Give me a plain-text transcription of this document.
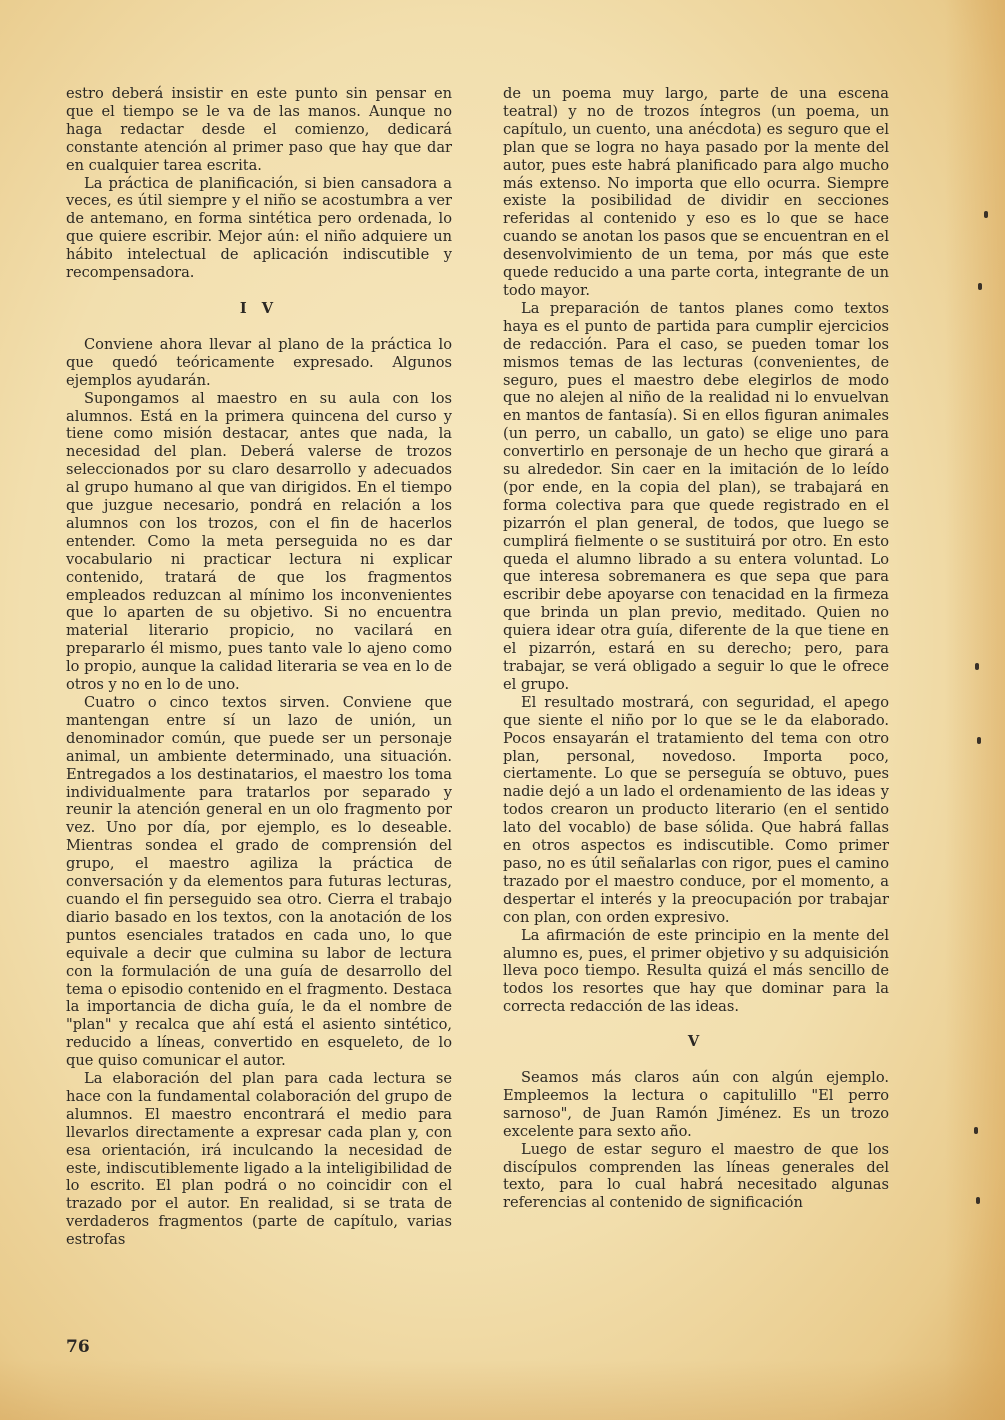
estro deberá insistir en este punto sin pensar en que el tiempo se le va de las manos. Aunque no haga redactar desde el comienzo, dedicará constante atención al primer paso que hay que dar en cualquier tarea escrita.

La práctica de planificación, si bien cansadora a veces, es útil siempre y el niño se acostumbra a ver de antemano, en forma sintética pero ordenada, lo que quiere escribir. Mejor aún: el niño adquiere un hábito intelectual de aplicación indiscutible y recompensadora.

I V

Conviene ahora llevar al plano de la práctica lo que quedó teóricamente expresado. Algunos ejemplos ayudarán.

Supongamos al maestro en su aula con los alumnos. Está en la primera quincena del curso y tiene como misión destacar, antes que nada, la necesidad del plan. Deberá valerse de trozos seleccionados por su claro desarrollo y adecuados al grupo humano al que van dirigidos. En el tiempo que juzgue necesario, pondrá en relación a los alumnos con los trozos, con el fin de hacerlos entender. Como la meta perseguida no es dar vocabulario ni practicar lectura ni explicar contenido, tratará de que los fragmentos empleados reduzcan al mínimo los inconvenientes que lo aparten de su objetivo. Si no encuentra material literario propicio, no vacilará en prepararlo él mismo, pues tanto vale lo ajeno como lo propio, aunque la calidad literaria se vea en lo de otros y no en lo de uno.

Cuatro o cinco textos sirven. Conviene que mantengan entre sí un lazo de unión, un denominador común, que puede ser un personaje animal, un ambiente determinado, una situación. Entregados a los destinatarios, el maestro los toma individualmente para tratarlos por separado y reunir la atención general en un olo fragmento por vez. Uno por día, por ejemplo, es lo deseable. Mientras sondea el grado de comprensión del grupo, el maestro agiliza la práctica de conversación y da elementos para futuras lecturas, cuando el fin perseguido sea otro. Cierra el trabajo diario basado en los textos, con la anotación de los puntos esenciales tratados en cada uno, lo que equivale a decir que culmina su labor de lectura con la formulación de una guía de desarrollo del tema o episodio contenido en el fragmento. Destaca la importancia de dicha guía, le da el nombre de "plan" y recalca que ahí está el asiento sintético, reducido a líneas, convertido en esqueleto, de lo que quiso comunicar el autor.

La elaboración del plan para cada lectura se hace con la fundamental colaboración del grupo de alumnos. El maestro encontrará el medio para llevarlos directamente a expresar cada plan y, con esa orientación, irá inculcando la necesidad de este, indiscutiblemente ligado a la inteligibilidad de lo escrito. El plan podrá o no coincidir con el trazado por el autor. En realidad, si se trata de verdaderos fragmentos (parte de capítulo, varias estrofas

de un poema muy largo, parte de una escena teatral) y no de trozos íntegros (un poema, un capítulo, un cuento, una anécdota) es seguro que el plan que se logra no haya pasado por la mente del autor, pues este habrá planificado para algo mucho más extenso. No importa que ello ocurra. Siempre existe la posibilidad de dividir en secciones referidas al contenido y eso es lo que se hace cuando se anotan los pasos que se encuentran en el desenvolvimiento de un tema, por más que este quede reducido a una parte corta, integrante de un todo mayor.

La preparación de tantos planes como textos haya es el punto de partida para cumplir ejercicios de redacción. Para el caso, se pueden tomar los mismos temas de las lecturas (convenientes, de seguro, pues el maestro debe elegirlos de modo que no alejen al niño de la realidad ni lo envuelvan en mantos de fantasía). Si en ellos figuran animales (un perro, un caballo, un gato) se elige uno para convertirlo en personaje de un hecho que girará a su alrededor. Sin caer en la imitación de lo leído (por ende, en la copia del plan), se trabajará en forma colectiva para que quede registrado en el pizarrón el plan general, de todos, que luego se cumplirá fielmente o se sustituirá por otro. En esto queda el alumno librado a su entera voluntad. Lo que interesa sobremanera es que sepa que para escribir debe apoyarse con tenacidad en la firmeza que brinda un plan previo, meditado. Quien no quiera idear otra guía, diferente de la que tiene en el pizarrón, estará en su derecho; pero, para trabajar, se verá obligado a seguir lo que le ofrece el grupo.

El resultado mostrará, con seguridad, el apego que siente el niño por lo que se le da elaborado. Pocos ensayarán el tratamiento del tema con otro plan, personal, novedoso. Importa poco, ciertamente. Lo que se perseguía se obtuvo, pues nadie dejó a un lado el ordenamiento de las ideas y todos crearon un producto literario (en el sentido lato del vocablo) de base sólida. Que habrá fallas en otros aspectos es indiscutible. Como primer paso, no es útil señalarlas con rigor, pues el camino trazado por el maestro conduce, por el momento, a despertar el interés y la preocupación por trabajar con plan, con orden expresivo.

La afirmación de este principio en la mente del alumno es, pues, el primer objetivo y su adquisición lleva poco tiempo. Resulta quizá el más sencillo de todos los resortes que hay que dominar para la correcta redacción de las ideas.

V

Seamos más claros aún con algún ejemplo. Empleemos la lectura o capitulillo "El perro sarnoso", de Juan Ramón Jiménez. Es un trozo excelente para sexto año.

Luego de estar seguro el maestro de que los discípulos comprenden las líneas generales del texto, para lo cual habrá necesitado algunas referencias al contenido de significación

76
